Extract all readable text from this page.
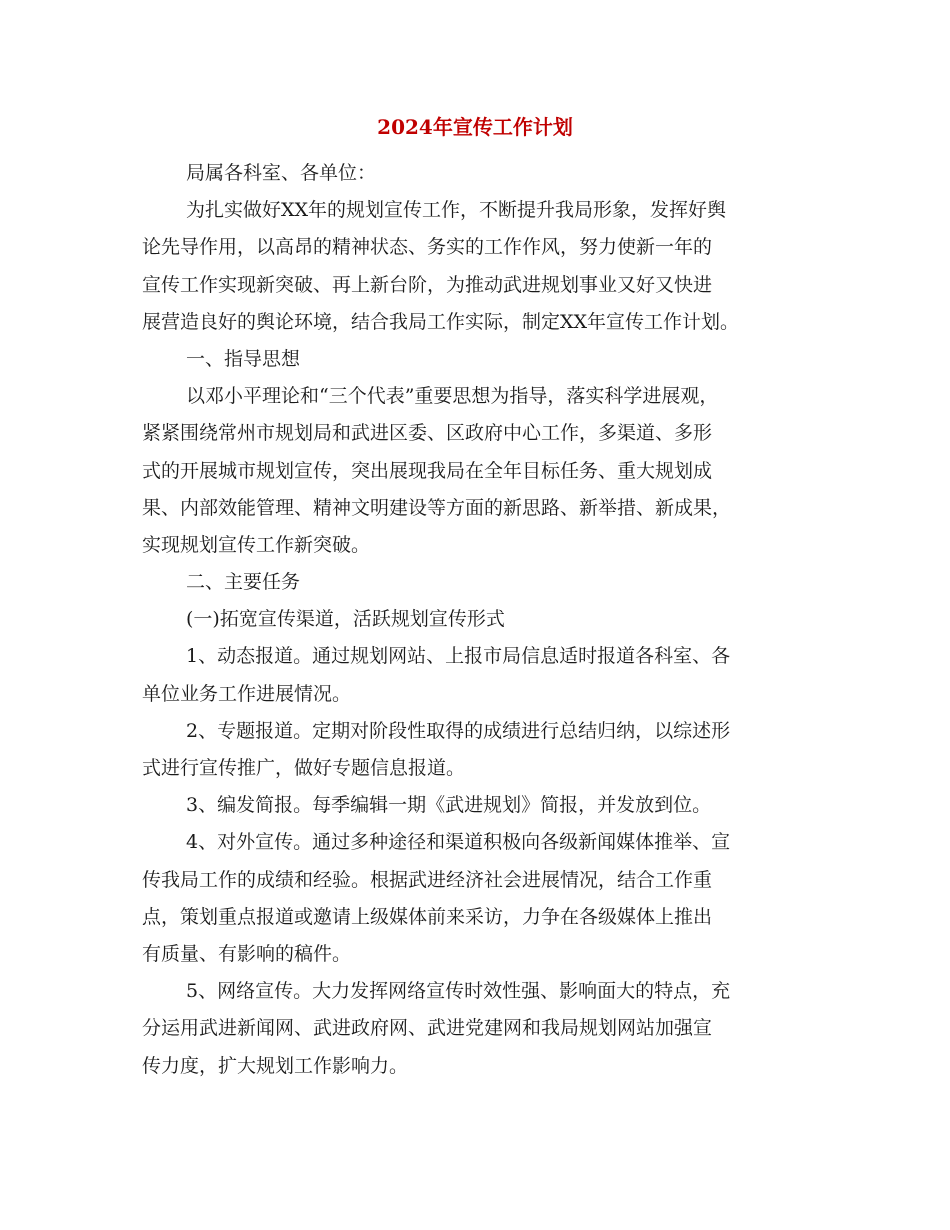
2024年宣传工作计划
局属各科室、各单位：
为扎实做好XX年的规划宣传工作，不断提升我局形象，发挥好舆
论先导作用，以高昂的精神状态、务实的工作作风，努力使新一年的
宣传工作实现新突破、再上新台阶，为推动武进规划事业又好又快进
展营造良好的舆论环境，结合我局工作实际，制定XX年宣传工作计划。
一、指导思想
以邓小平理论和“三个代表”重要思想为指导，落实科学进展观，
紧紧围绕常州市规划局和武进区委、区政府中心工作，多渠道、多形
式的开展城市规划宣传，突出展现我局在全年目标任务、重大规划成
果、内部效能管理、精神文明建设等方面的新思路、新举措、新成果，
实现规划宣传工作新突破。
二、主要任务
(一)拓宽宣传渠道，活跃规划宣传形式
1、动态报道。通过规划网站、上报市局信息适时报道各科室、各
单位业务工作进展情况。
2、专题报道。定期对阶段性取得的成绩进行总结归纳，以综述形
式进行宣传推广，做好专题信息报道。
3、编发简报。每季编辑一期《武进规划》简报，并发放到位。
4、对外宣传。通过多种途径和渠道积极向各级新闻媒体推举、宣
传我局工作的成绩和经验。根据武进经济社会进展情况，结合工作重
点，策划重点报道或邀请上级媒体前来采访，力争在各级媒体上推出
有质量、有影响的稿件。
5、网络宣传。大力发挥网络宣传时效性强、影响面大的特点，充
分运用武进新闻网、武进政府网、武进党建网和我局规划网站加强宣
传力度，扩大规划工作影响力。
